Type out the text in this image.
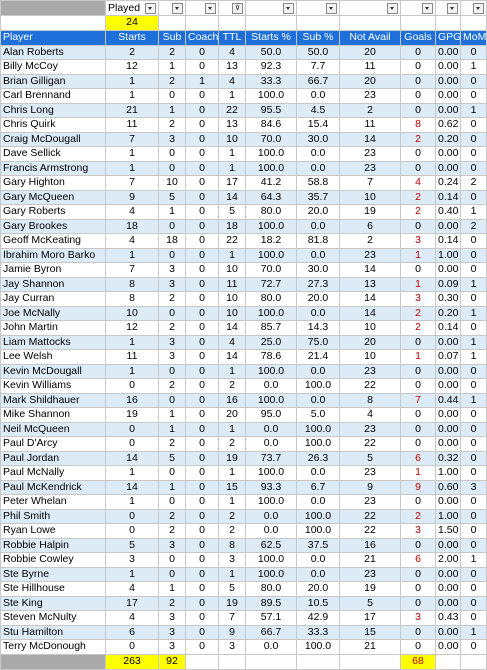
	Played			⊽						

	24									
Player	Starts	Sub	Coach	TTL	Starts %	Sub %	Not Avail	Goals	GPG	MoM
Alan Roberts	2	2	0	4	50.0	50.0	20	0	0.00	0
Billy McCoy	12	1	0	13	92.3	7.7	11	0	0.00	1
Brian Gilligan	1	2	1	4	33.3	66.7	20	0	0.00	0
Carl Brennand	1	0	0	1	100.0	0.0	23	0	0.00	0
Chris Long	21	1	0	22	95.5	4.5	2	0	0.00	1
Chris Quirk	11	2	0	13	84.6	15.4	11	8	0.62	0
Craig McDougall	7	3	0	10	70.0	30.0	14	2	0.20	0
Dave Sellick	1	0	0	1	100.0	0.0	23	0	0.00	0
Francis Armstrong	1	0	0	1	100.0	0.0	23	0	0.00	0
Gary Highton	7	10	0	17	41.2	58.8	7	4	0.24	2
Gary McQueen	9	5	0	14	64.3	35.7	10	2	0.14	0
Gary Roberts	4	1	0	5	80.0	20.0	19	2	0.40	1
Gary Brookes	18	0	0	18	100.0	0.0	6	0	0.00	2
Geoff McKeating	4	18	0	22	18.2	81.8	2	3	0.14	0
Ibrahim Moro Barko	1	0	0	1	100.0	0.0	23	1	1.00	0
Jamie Byron	7	3	0	10	70.0	30.0	14	0	0.00	0
Jay Shannon	8	3	0	11	72.7	27.3	13	1	0.09	1
Jay Curran	8	2	0	10	80.0	20.0	14	3	0.30	0
Joe McNally	10	0	0	10	100.0	0.0	14	2	0.20	1
John Martin	12	2	0	14	85.7	14.3	10	2	0.14	0
Liam Mattocks	1	3	0	4	25.0	75.0	20	0	0.00	1
Lee Welsh	11	3	0	14	78.6	21.4	10	1	0.07	1
Kevin McDougall	1	0	0	1	100.0	0.0	23	0	0.00	0
Kevin Williams	0	2	0	2	0.0	100.0	22	0	0.00	0
Mark Shildhauer	16	0	0	16	100.0	0.0	8	7	0.44	1
Mike Shannon	19	1	0	20	95.0	5.0	4	0	0.00	0
Neil McQueen	0	1	0	1	0.0	100.0	23	0	0.00	0
Paul D'Arcy	0	2	0	2	0.0	100.0	22	0	0.00	0
Paul Jordan	14	5	0	19	73.7	26.3	5	6	0.32	0
Paul McNally	1	0	0	1	100.0	0.0	23	1	1.00	0
Paul McKendrick	14	1	0	15	93.3	6.7	9	9	0.60	3
Peter Whelan	1	0	0	1	100.0	0.0	23	0	0.00	0
Phil Smith	0	2	0	2	0.0	100.0	22	2	1.00	0
Ryan Lowe	0	2	0	2	0.0	100.0	22	3	1.50	0
Robbie Halpin	5	3	0	8	62.5	37.5	16	0	0.00	0
Robbie Cowley	3	0	0	3	100.0	0.0	21	6	2.00	1
Ste Byrne	1	0	0	1	100.0	0.0	23	0	0.00	0
Ste Hillhouse	4	1	0	5	80.0	20.0	19	0	0.00	0
Ste King	17	2	0	19	89.5	10.5	5	0	0.00	0
Steven McNulty	4	3	0	7	57.1	42.9	17	3	0.43	0
Stu Hamilton	6	3	0	9	66.7	33.3	15	0	0.00	1
Terry McDonough	0	3	0	3	0.0	100.0	21	0	0.00	0
	263	92						68		
